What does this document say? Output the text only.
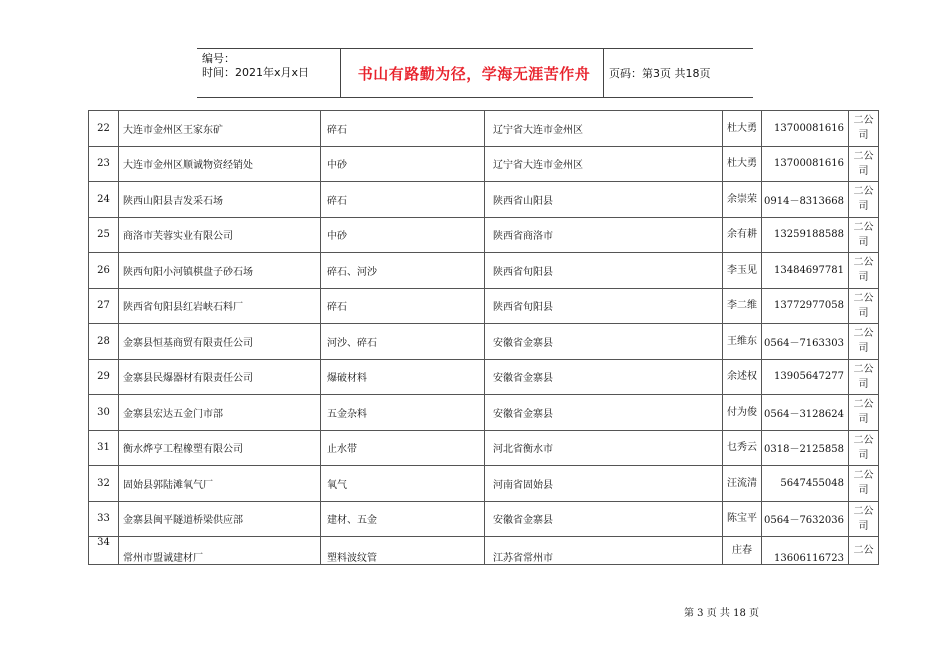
编号：
时间：2021年x月x日	书山有路勤为径，学海无涯苦作舟	页码：第3页 共18页
22	大连市金州区王家东矿	碎石	辽宁省大连市金州区	杜大勇	13700081616	二公司
23	大连市金州区顺诚物资经销处	中砂	辽宁省大连市金州区	杜大勇	13700081616	二公司
24	陕西山阳县吉发采石场	碎石	陕西省山阳县	余崇荣	0914－8313668	二公司
25	商洛市芙蓉实业有限公司	中砂	陕西省商洛市	余有耕	13259188588	二公司
26	陕西旬阳小河镇棋盘子砂石场	碎石、河沙	陕西省旬阳县	李玉见	13484697781	二公司
27	陕西省旬阳县红岩峡石料厂	碎石	陕西省旬阳县	李二维	13772977058	二公司
28	金寨县恒基商贸有限责任公司	河沙、碎石	安徽省金寨县	王维东	0564－7163303	二公司
29	金寨县民爆器材有限责任公司	爆破材料	安徽省金寨县	余述权	13905647277	二公司
30	金寨县宏达五金门市部	五金杂料	安徽省金寨县	付为俊	0564－3128624	二公司
31	衡水烨亨工程橡塑有限公司	止水带	河北省衡水市	乜秀云	0318－2125858	二公司
32	固始县郭陆滩氧气厂	氧气	河南省固始县	汪流清	5647455048	二公司
33	金寨县闽平隧道桥梁供应部	建材、五金	安徽省金寨县	陈宝平	0564－7632036	二公司
34	常州市盟诚建材厂	塑料波纹管	江苏省常州市	庄春	13606116723	二公
第 3 页 共 18 页
